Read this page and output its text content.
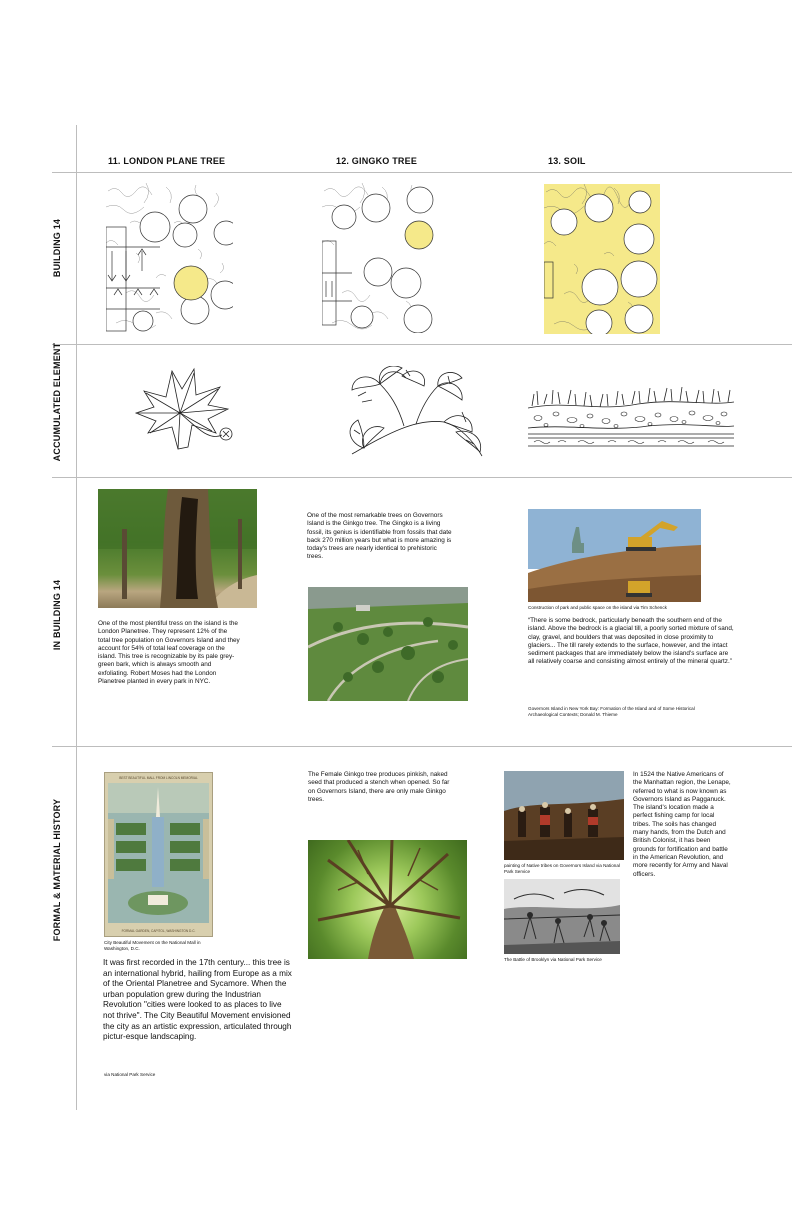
11. LONDON PLANE TREE	12. GINGKO TREE	13. SOIL
BUILDING 14
ACCUMULATED ELEMENT
IN BUILDING 14
FORMAL & MATERIAL HISTORY
One of the most plentiful tress on the island is the London Planetree. They represent 12% of the total tree population on Governors Island and they account for 54% of total leaf coverage on the island. This tree is recognizable by its pale grey-green bark, which is always smooth and exfoliating. Robert Moses had the London Planetree planted in every park in NYC.
One of the most remarkable trees on Governors Island is the Ginkgo tree. The Gingko is a living fossil, its genius is identifiable from fossils that date back 270 million years but what is more amazing is today's trees are nearly identical to prehistoric trees.
Construction of park and public space on the island via Tim Schenck
“There is some bedrock, particularly beneath the southern end of the island. Above the bedrock is a glacial till, a poorly sorted mixture of sand, clay, gravel, and boulders that was deposited in close proximity to glaciers... The till rarely extends to the surface, however, and the intact sediment packages that are immediately below the island's surface are all relatively coarse and consisting almost entirely of the mineral quartz.”
Governors Island in New York Bay: Formation of the Island and of Some Historical Archaeological Contexts; Donald M. Thieme
BEST BEAUTIFUL MALL FROM LINCOLN MEMORIAL
FORMAL GARDEN, CAPITOL, WASHINGTON D.C.
City Beautiful Movement on the National Mall in Washington, D.C.
It was first recorded in the 17th century... this tree is an international hybrid, hailing from Europe as a mix of the Oriental Planetree and Sycamore. When the urban population grew during the Industrian Revolution "cities were looked to as places to live not thrive". The City Beautiful Movement envisioned the city as an artistic expression, articulated through pictur-esque landscaping.
via National Park Service
The Female Ginkgo tree produces pinkish, naked seed that produced a stench when opened. So far on Governors Island, there are only male Ginkgo trees.
painting of Native tribes on Governors Island via National Park Service
The Battle of Brooklyn via National Park Service
In 1524 the Native Americans of the Manhattan region, the Lenape, referred to what is now known as Governors Island as Pagganuck. The island's location made a perfect fishing camp for local tribes. The soils has changed many hands, from the Dutch and British Colonist, it has been grounds for fortification and battle in the American Revolution, and more recently for Army and Naval officers.
